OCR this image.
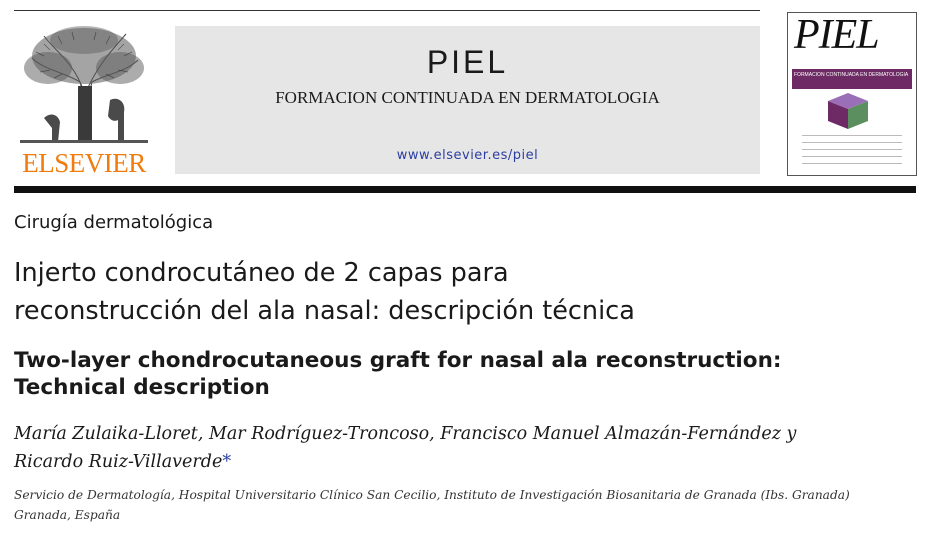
ELSEVIER
PIEL
FORMACION CONTINUADA EN DERMATOLOGIA
www.elsevier.es/piel
PIEL
FORMACION CONTINUADA EN DERMATOLOGIA
Cirugía dermatológica
Injerto condrocutáneo de 2 capas para
reconstrucción del ala nasal: descripción técnica
Two-layer chondrocutaneous graft for nasal ala reconstruction:
Technical description
María Zulaika-Lloret, Mar Rodríguez-Troncoso, Francisco Manuel Almazán-Fernández y
Ricardo Ruiz-Villaverde*
Servicio de Dermatología, Hospital Universitario Clínico San Cecilio, Instituto de Investigación Biosanitaria de Granada (Ibs. Granada)
Granada, España
